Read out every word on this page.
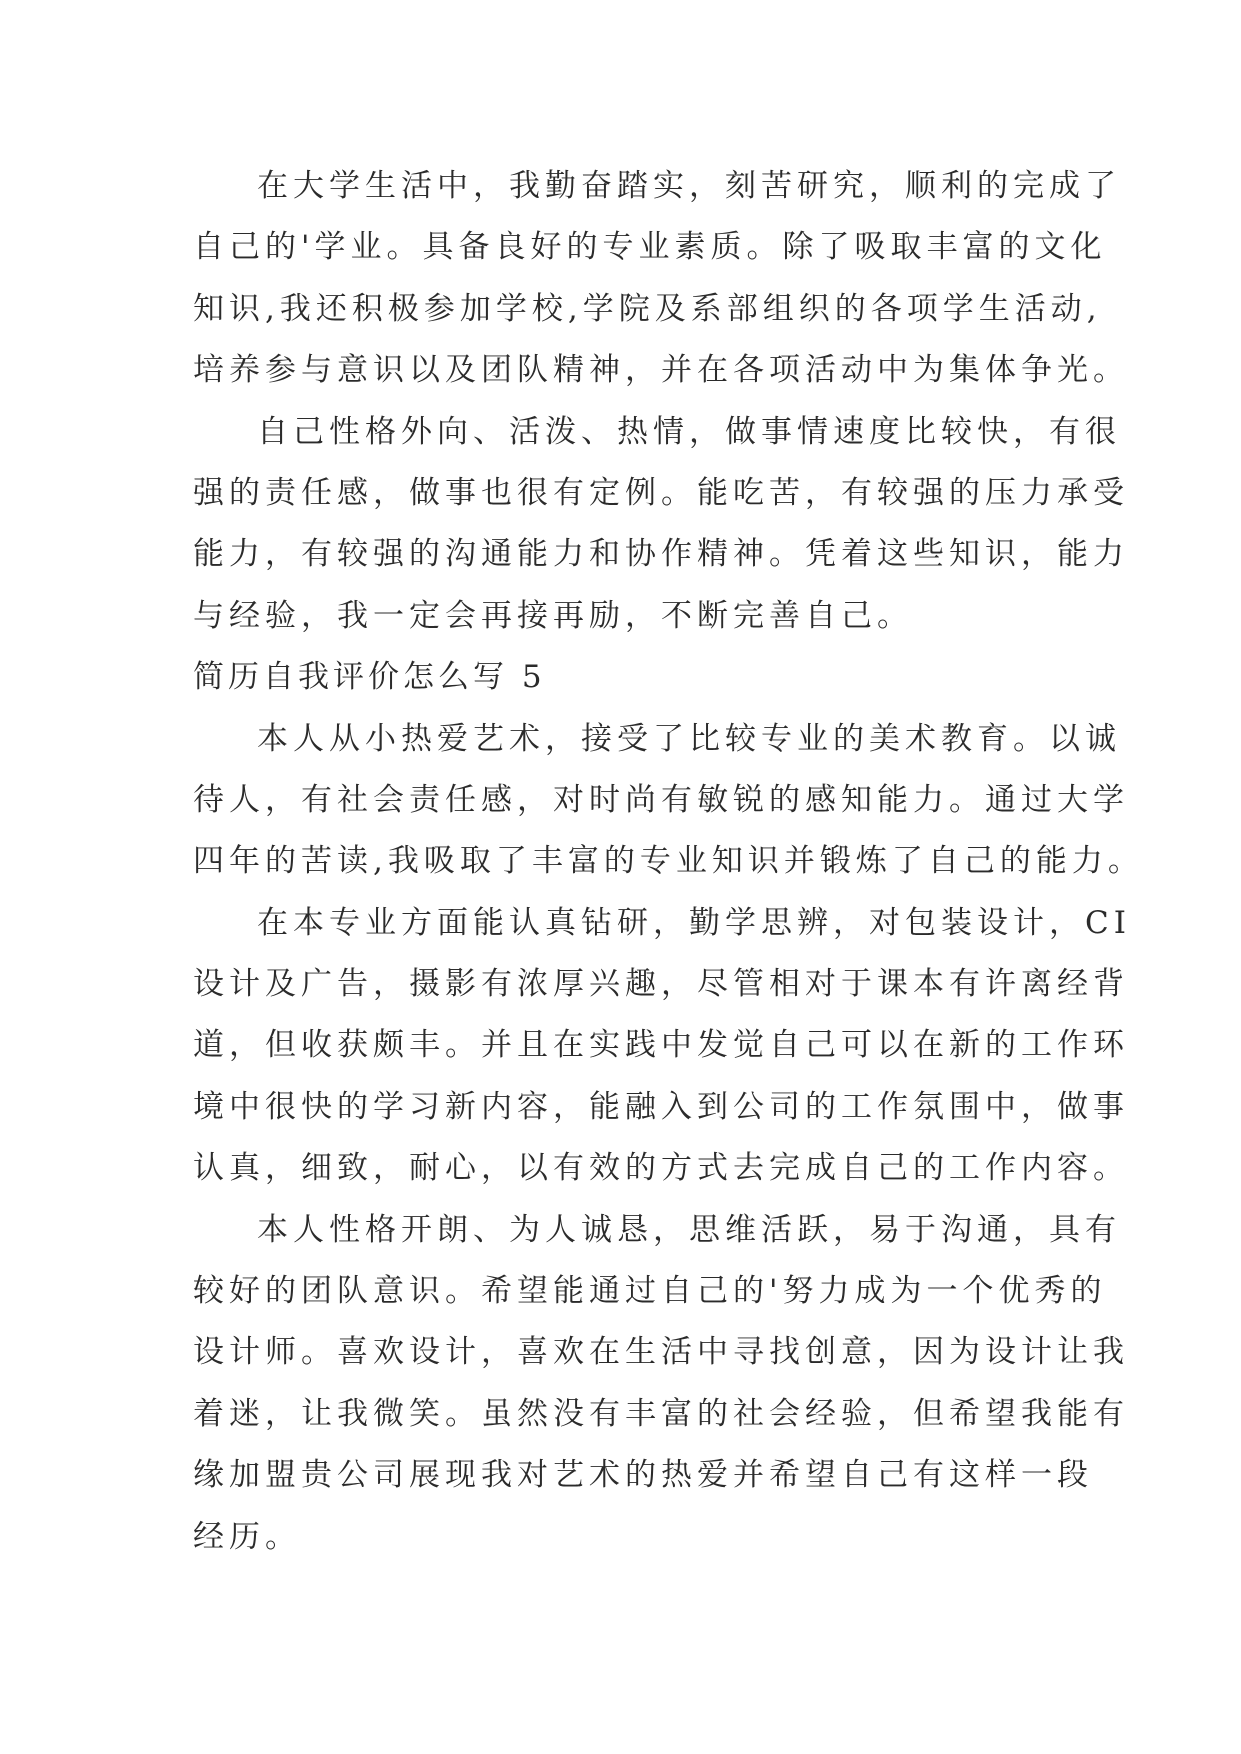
在大学生活中，我勤奋踏实，刻苦研究，顺利的完成了
自己的'学业。具备良好的专业素质。除了吸取丰富的文化
知识,我还积极参加学校,学院及系部组织的各项学生活动,
培养参与意识以及团队精神，并在各项活动中为集体争光。
自己性格外向、活泼、热情，做事情速度比较快，有很
强的责任感，做事也很有定例。能吃苦，有较强的压力承受
能力，有较强的沟通能力和协作精神。凭着这些知识，能力
与经验，我一定会再接再励，不断完善自己。
简历自我评价怎么写 5
本人从小热爱艺术，接受了比较专业的美术教育。以诚
待人，有社会责任感，对时尚有敏锐的感知能力。通过大学
四年的苦读,我吸取了丰富的专业知识并锻炼了自己的能力。
在本专业方面能认真钻研，勤学思辨，对包装设计，CI
设计及广告，摄影有浓厚兴趣，尽管相对于课本有许离经背
道，但收获颇丰。并且在实践中发觉自己可以在新的工作环
境中很快的学习新内容，能融入到公司的工作氛围中，做事
认真，细致，耐心，以有效的方式去完成自己的工作内容。
本人性格开朗、为人诚恳，思维活跃，易于沟通，具有
较好的团队意识。希望能通过自己的'努力成为一个优秀的
设计师。喜欢设计，喜欢在生活中寻找创意，因为设计让我
着迷，让我微笑。虽然没有丰富的社会经验，但希望我能有
缘加盟贵公司展现我对艺术的热爱并希望自己有这样一段
经历。
